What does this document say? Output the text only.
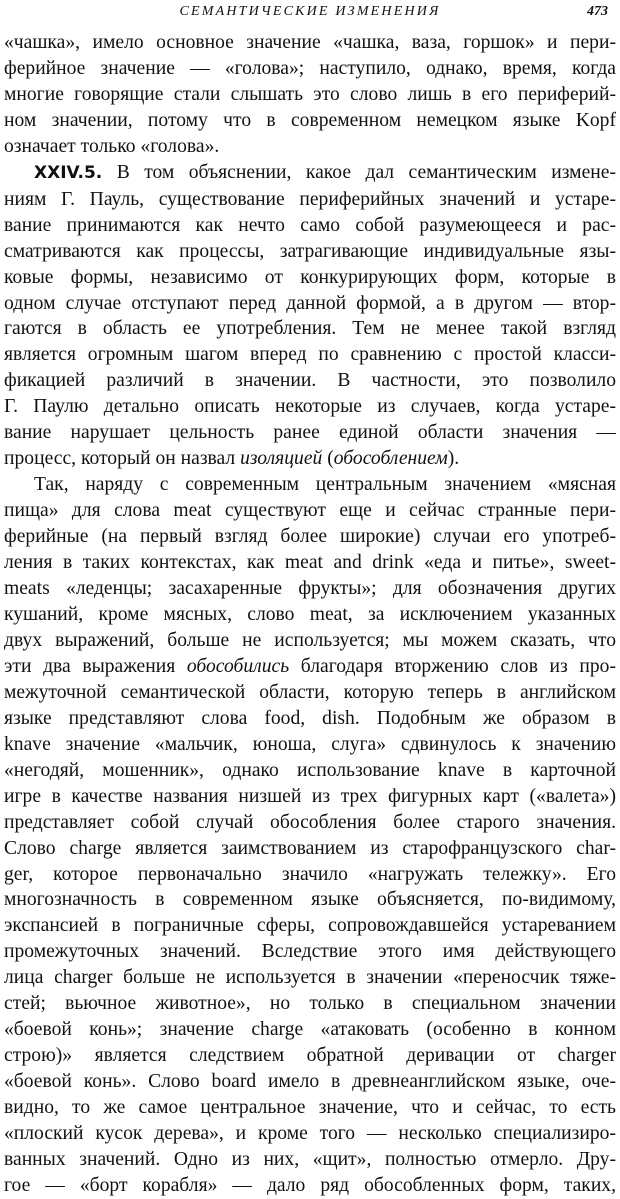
СЕМАНТИЧЕСКИЕ ИЗМЕНЕНИЯ	473
«чашка», имело основное значение «чашка, ваза, горшок» и пери-
ферийное значение — «голова»; наступило, однако, время, когда
многие говорящие стали слышать это слово лишь в его периферий-
ном значении, потому что в современном немецком языке Kopf
означает только «голова».
XXIV.5. В том объяснении, какое дал семантическим измене-
ниям Г. Пауль, существование периферийных значений и устаре-
вание принимаются как нечто само собой разумеющееся и рас-
сматриваются как процессы, затрагивающие индивидуальные язы-
ковые формы, независимо от конкурирующих форм, которые в
одном случае отступают перед данной формой, а в другом — втор-
гаются в область ее употребления. Тем не менее такой взгляд
является огромным шагом вперед по сравнению с простой класси-
фикацией различий в значении. В частности, это позволило
Г. Паулю детально описать некоторые из случаев, когда устаре-
вание нарушает цельность ранее единой области значения —
процесс, который он назвал изоляцией (обособлением).
Так, наряду с современным центральным значением «мясная
пища» для слова meat существуют еще и сейчас странные пери-
ферийные (на первый взгляд более широкие) случаи его употреб-
ления в таких контекстах, как meat and drink «еда и питье», sweet-
meats «леденцы; засахаренные фрукты»; для обозначения других
кушаний, кроме мясных, слово meat, за исключением указанных
двух выражений, больше не используется; мы можем сказать, что
эти два выражения обособились благодаря вторжению слов из про-
межуточной семантической области, которую теперь в английском
языке представляют слова food, dish. Подобным же образом в
knave значение «мальчик, юноша, слуга» сдвинулось к значению
«негодяй, мошенник», однако использование knave в карточной
игре в качестве названия низшей из трех фигурных карт («валета»)
представляет собой случай обособления более старого значения.
Слово charge является заимствованием из старофранцузского char-
ger, которое первоначально значило «нагружать тележку». Его
многозначность в современном языке объясняется, по-видимому,
экспансией в пограничные сферы, сопровождавшейся устареванием
промежуточных значений. Вследствие этого имя действующего
лица charger больше не используется в значении «переносчик тяже-
стей; вьючное животное», но только в специальном значении
«боевой конь»; значение charge «атаковать (особенно в конном
строю)» является следствием обратной деривации от charger
«боевой конь». Слово board имело в древнеанглийском языке, оче-
видно, то же самое центральное значение, что и сейчас, то есть
«плоский кусок дерева», и кроме того — несколько специализиро-
ванных значений. Одно из них, «щит», полностью отмерло. Дру-
гое — «борт корабля» — дало ряд обособленных форм, таких,
